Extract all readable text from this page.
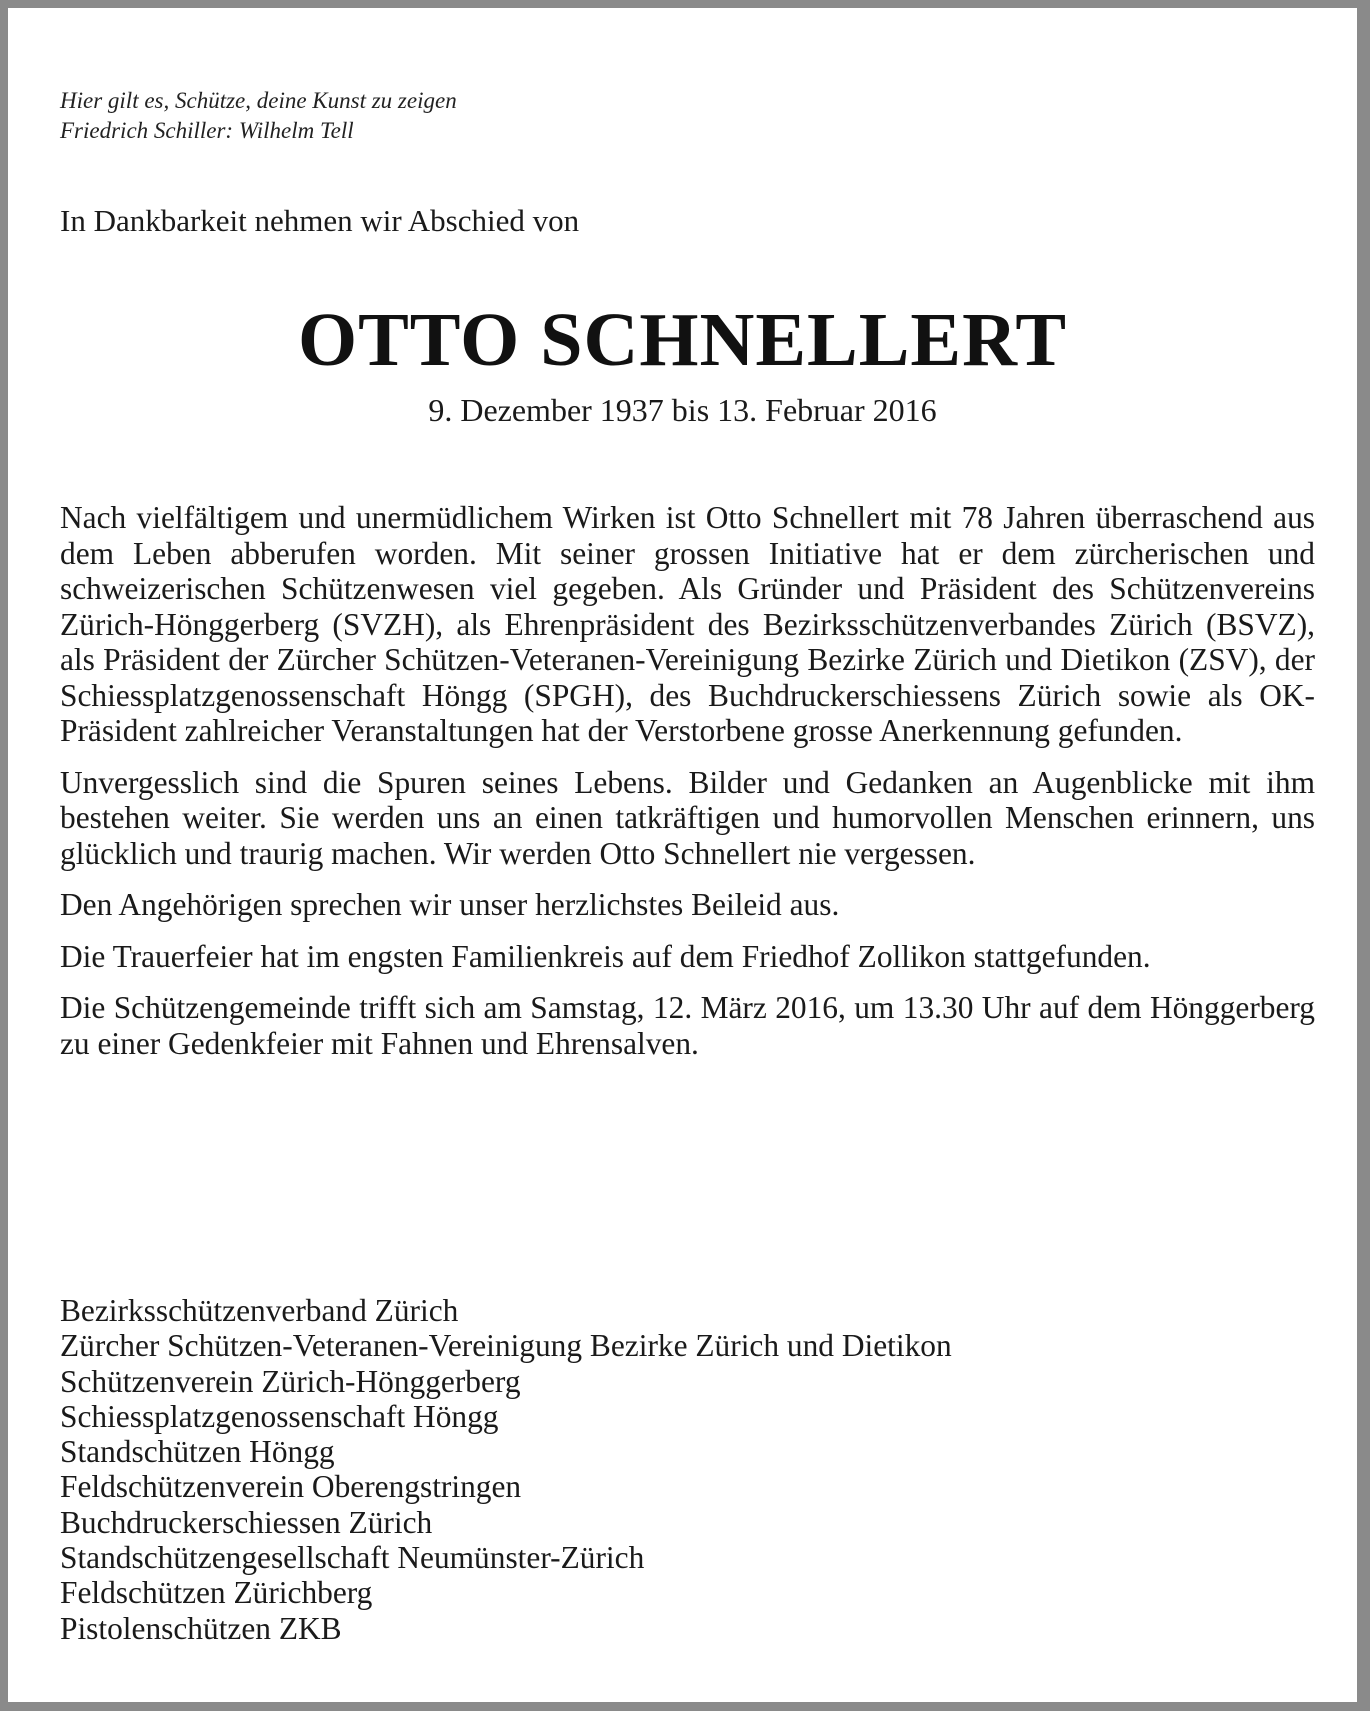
Hier gilt es, Schütze, deine Kunst zu zeigen
Friedrich Schiller: Wilhelm Tell
In Dankbarkeit nehmen wir Abschied von
OTTO SCHNELLERT
9. Dezember 1937 bis 13. Februar 2016

Nach vielfältigem und unermüdlichem Wirken ist Otto Schnellert mit 78 Jahren überraschend aus dem Leben abberufen worden. Mit seiner grossen Initiative hat er dem zürcherischen und schweizerischen Schützenwesen viel gegeben. Als Gründer und Präsident des Schützenvereins Zürich-Hönggerberg (SVZH), als Ehrenpräsident des Bezirksschützenverbandes Zürich (BSVZ), als Präsident der Zürcher Schützen-Veteranen-Vereinigung Bezirke Zürich und Dietikon (ZSV), der Schiessplatzgenossenschaft Höngg (SPGH), des Buchdruckerschiessens Zürich sowie als OK-Präsident zahlreicher Veranstaltungen hat der Verstorbene grosse Anerkennung gefunden.

Unvergesslich sind die Spuren seines Lebens. Bilder und Gedanken an Augenblicke mit ihm bestehen weiter. Sie werden uns an einen tatkräftigen und humorvollen Menschen erinnern, uns glücklich und traurig machen. Wir werden Otto Schnellert nie vergessen.

Den Angehörigen sprechen wir unser herzlichstes Beileid aus.

Die Trauerfeier hat im engsten Familienkreis auf dem Friedhof Zollikon stattgefunden.

Die Schützengemeinde trifft sich am Samstag, 12. März 2016, um 13.30 Uhr auf dem Hönggerberg zu einer Gedenkfeier mit Fahnen und Ehrensalven.

Bezirksschützenverband Zürich
Zürcher Schützen-Veteranen-Vereinigung Bezirke Zürich und Dietikon
Schützenverein Zürich-Hönggerberg
Schiessplatzgenossenschaft Höngg
Standschützen Höngg
Feldschützenverein Oberengstringen
Buchdruckerschiessen Zürich
Standschützengesellschaft Neumünster-Zürich
Feldschützen Zürichberg
Pistolenschützen ZKB
